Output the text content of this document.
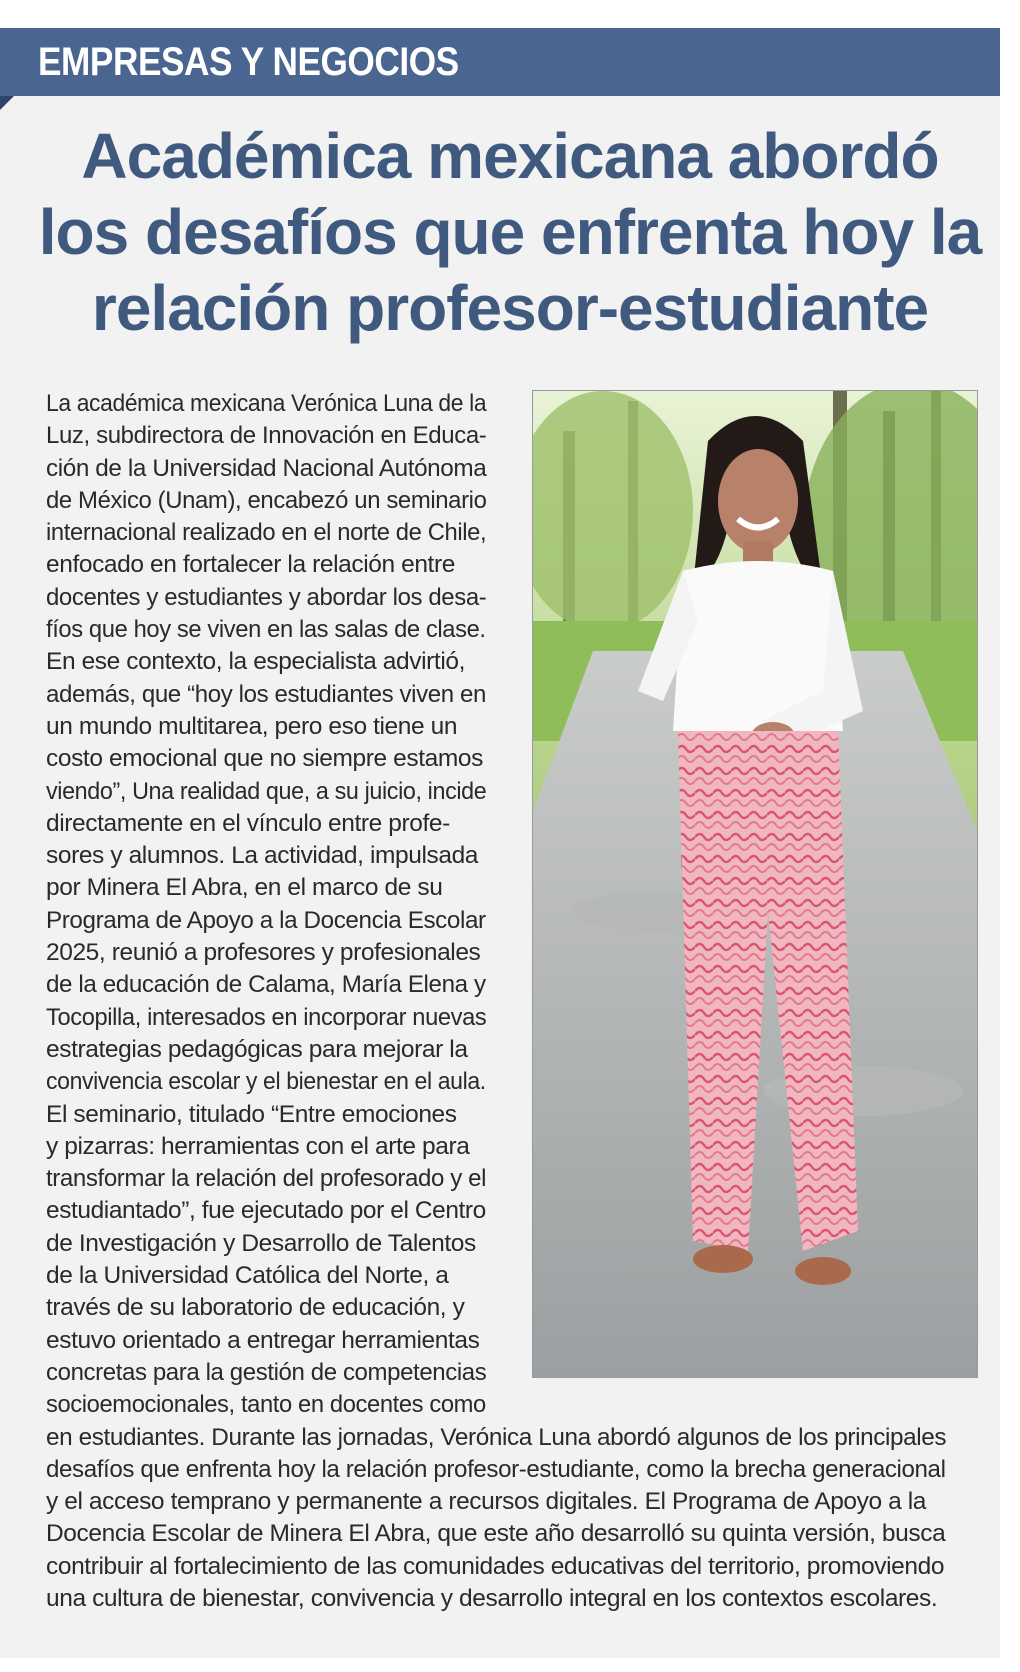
EMPRESAS Y NEGOCIOS
Académica mexicana abordó
los desafíos que enfrenta hoy la
relación profesor-estudiante
La académica mexicana Verónica Luna de la
Luz, subdirectora de Innovación en Educa-
ción de la Universidad Nacional Autónoma
de México (Unam), encabezó un seminario
internacional realizado en el norte de Chile,
enfocado en fortalecer la relación entre
docentes y estudiantes y abordar los desa-
fíos que hoy se viven en las salas de clase.
En ese contexto, la especialista advirtió,
además, que “hoy los estudiantes viven en
un mundo multitarea, pero eso tiene un
costo emocional que no siempre estamos
viendo”, Una realidad que, a su juicio, incide
directamente en el vínculo entre profe-
sores y alumnos. La actividad, impulsada
por Minera El Abra, en el marco de su
Programa de Apoyo a la Docencia Escolar
2025, reunió a profesores y profesionales
de la educación de Calama, María Elena y
Tocopilla, interesados en incorporar nuevas
estrategias pedagógicas para mejorar la
convivencia escolar y el bienestar en el aula.
El seminario, titulado “Entre emociones
y pizarras: herramientas con el arte para
transformar la relación del profesorado y el
estudiantado”, fue ejecutado por el Centro
de Investigación y Desarrollo de Talentos
de la Universidad Católica del Norte, a
través de su laboratorio de educación, y
estuvo orientado a entregar herramientas
concretas para la gestión de competencias
socioemocionales, tanto en docentes como
en estudiantes. Durante las jornadas, Verónica Luna abordó algunos de los principales
desafíos que enfrenta hoy la relación profesor-estudiante, como la brecha generacional
y el acceso temprano y permanente a recursos digitales. El Programa de Apoyo a la
Docencia Escolar de Minera El Abra, que este año desarrolló su quinta versión, busca
contribuir al fortalecimiento de las comunidades educativas del territorio, promoviendo
una cultura de bienestar, convivencia y desarrollo integral en los contextos escolares.
